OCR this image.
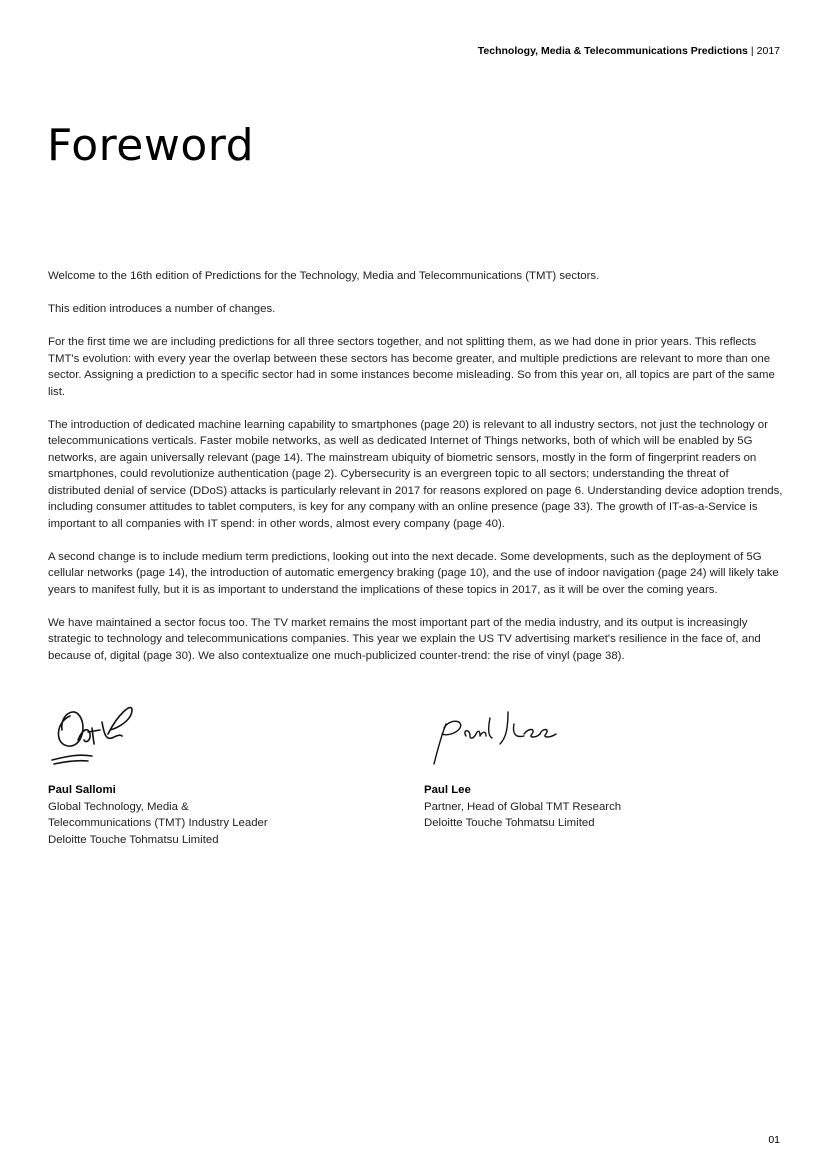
Technology, Media & Telecommunications Predictions | 2017
Foreword

Welcome to the 16th edition of Predictions for the Technology, Media and Telecommunications (TMT) sectors.

This edition introduces a number of changes.

For the first time we are including predictions for all three sectors together, and not splitting them, as we had done in prior years. This reflects TMT's evolution: with every year the overlap between these sectors has become greater, and multiple predictions are relevant to more than one sector. Assigning a prediction to a specific sector had in some instances become misleading. So from this year on, all topics are part of the same list.

The introduction of dedicated machine learning capability to smartphones (page 20) is relevant to all industry sectors, not just the technology or telecommunications verticals. Faster mobile networks, as well as dedicated Internet of Things networks, both of which will be enabled by 5G networks, are again universally relevant (page 14). The mainstream ubiquity of biometric sensors, mostly in the form of fingerprint readers on smartphones, could revolutionize authentication (page 2). Cybersecurity is an evergreen topic to all sectors; understanding the threat of distributed denial of service (DDoS) attacks is particularly relevant in 2017 for reasons explored on page 6. Understanding device adoption trends, including consumer attitudes to tablet computers, is key for any company with an online presence (page 33). The growth of IT-as-a-Service is important to all companies with IT spend: in other words, almost every company (page 40).

A second change is to include medium term predictions, looking out into the next decade. Some developments, such as the deployment of 5G cellular networks (page 14), the introduction of automatic emergency braking (page 10), and the use of indoor navigation (page 24) will likely take years to manifest fully, but it is as important to understand the implications of these topics in 2017, as it will be over the coming years.

We have maintained a sector focus too. The TV market remains the most important part of the media industry, and its output is increasingly strategic to technology and telecommunications companies. This year we explain the US TV advertising market's resilience in the face of, and because of, digital (page 30). We also contextualize one much-publicized counter-trend: the rise of vinyl (page 38).

Paul Sallomi
Global Technology, Media &
Telecommunications (TMT) Industry Leader
Deloitte Touche Tohmatsu Limited
Paul Lee
Partner, Head of Global TMT Research
Deloitte Touche Tohmatsu Limited
01
